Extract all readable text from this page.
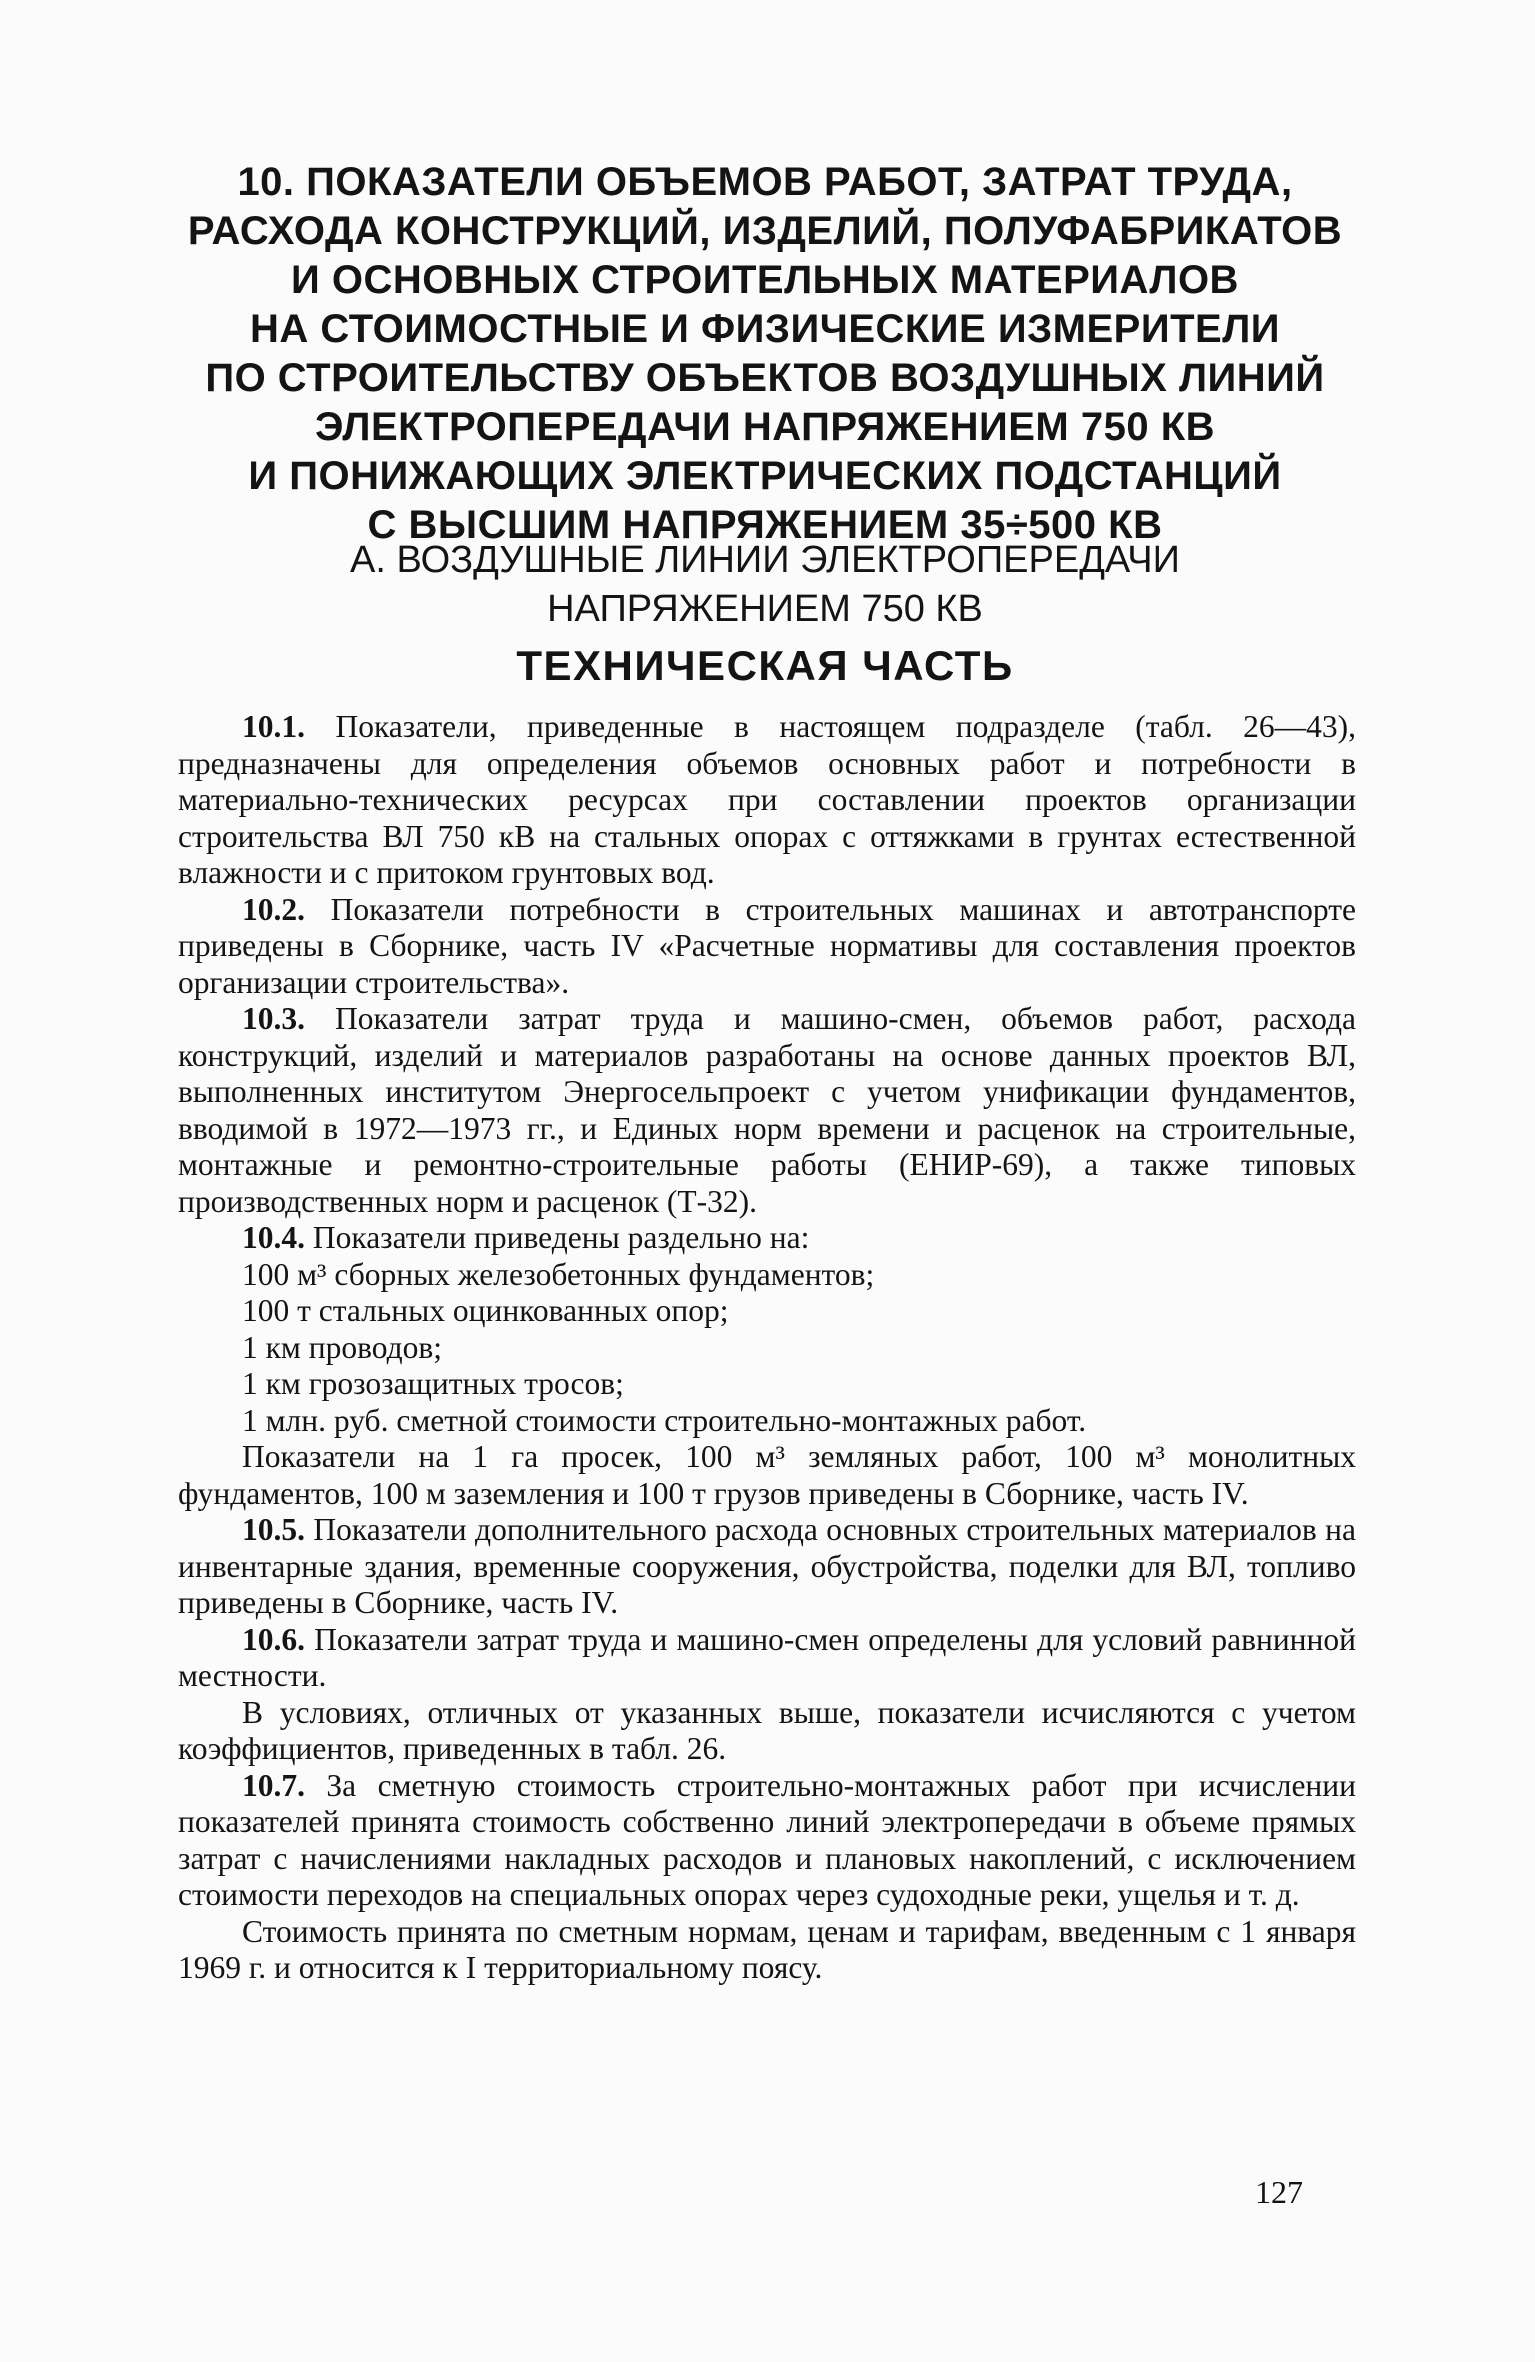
10. ПОКАЗАТЕЛИ ОБЪЕМОВ РАБОТ, ЗАТРАТ ТРУДА,
РАСХОДА КОНСТРУКЦИЙ, ИЗДЕЛИЙ, ПОЛУФАБРИКАТОВ
И ОСНОВНЫХ СТРОИТЕЛЬНЫХ МАТЕРИАЛОВ
НА СТОИМОСТНЫЕ И ФИЗИЧЕСКИЕ ИЗМЕРИТЕЛИ
ПО СТРОИТЕЛЬСТВУ ОБЪЕКТОВ ВОЗДУШНЫХ ЛИНИЙ
ЭЛЕКТРОПЕРЕДАЧИ НАПРЯЖЕНИЕМ 750 КВ
И ПОНИЖАЮЩИХ ЭЛЕКТРИЧЕСКИХ ПОДСТАНЦИЙ
С ВЫСШИМ НАПРЯЖЕНИЕМ 35÷500 КВ
А. ВОЗДУШНЫЕ ЛИНИИ ЭЛЕКТРОПЕРЕДАЧИ
НАПРЯЖЕНИЕМ 750 КВ
ТЕХНИЧЕСКАЯ ЧАСТЬ

10.1. Показатели, приведенные в настоящем подразделе (табл. 26—43), предназначены для определения объемов основных работ и потребности в материально-технических ресурсах при составлении проектов организации строительства ВЛ 750 кВ на стальных опорах с оттяжками в грунтах естественной влажности и с притоком грунтовых вод.

10.2. Показатели потребности в строительных машинах и автотранспорте приведены в Сборнике, часть IV «Расчетные нормативы для составления проектов организации строительства».

10.3. Показатели затрат труда и машино-смен, объемов работ, расхода конструкций, изделий и материалов разработаны на основе данных проектов ВЛ, выполненных институтом Энергосельпроект с учетом унификации фундаментов, вводимой в 1972—1973 гг., и Единых норм времени и расценок на строительные, монтажные и ремонтно-строительные работы (ЕНИР-69), а также типовых производственных норм и расценок (Т-32).

10.4. Показатели приведены раздельно на:

100 м³ сборных железобетонных фундаментов;

100 т стальных оцинкованных опор;

1 км проводов;

1 км грозозащитных тросов;

1 млн. руб. сметной стоимости строительно-монтажных работ.

Показатели на 1 га просек, 100 м³ земляных работ, 100 м³ монолитных фундаментов, 100 м заземления и 100 т грузов приведены в Сборнике, часть IV.

10.5. Показатели дополнительного расхода основных строительных материалов на инвентарные здания, временные сооружения, обустройства, поделки для ВЛ, топливо приведены в Сборнике, часть IV.

10.6. Показатели затрат труда и машино-смен определены для условий равнинной местности.

В условиях, отличных от указанных выше, показатели исчисляются с учетом коэффициентов, приведенных в табл. 26.

10.7. За сметную стоимость строительно-монтажных работ при исчислении показателей принята стоимость собственно линий электропередачи в объеме прямых затрат с начислениями накладных расходов и плановых накоплений, с исключением стоимости переходов на специальных опорах через судоходные реки, ущелья и т. д.

Стоимость принята по сметным нормам, ценам и тарифам, введенным с 1 января 1969 г. и относится к I территориальному поясу.

127
